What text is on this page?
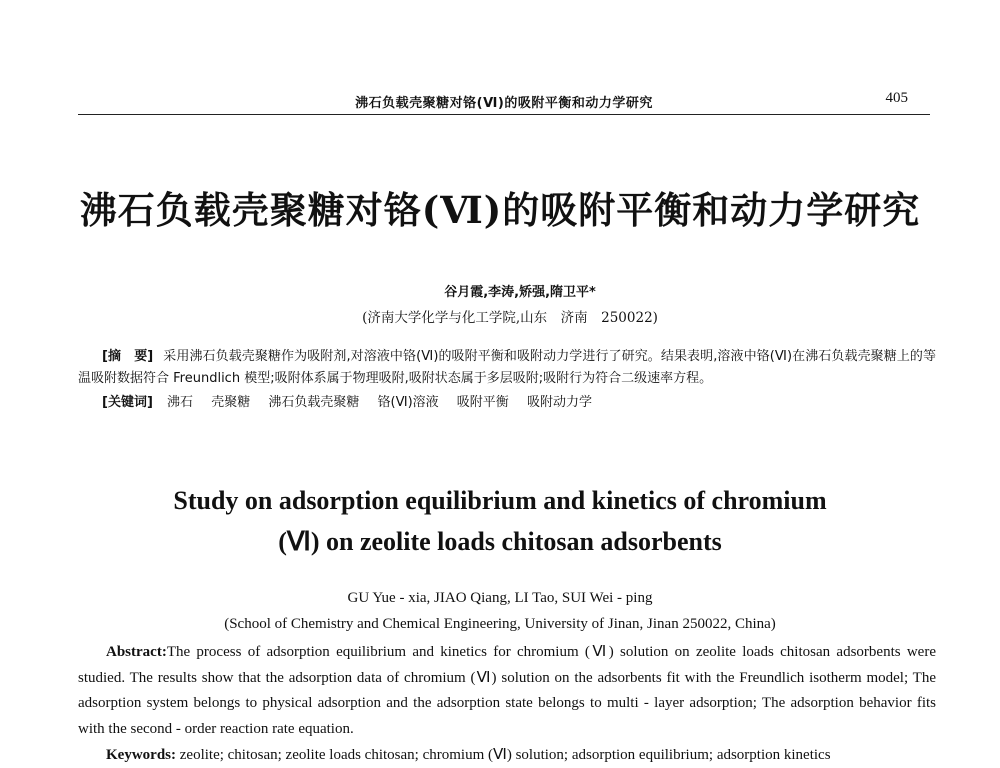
沸石负载壳聚糖对铬(Ⅵ)的吸附平衡和动力学研究	405
沸石负载壳聚糖对铬(Ⅵ)的吸附平衡和动力学研究
谷月霞,李涛,矫强,隋卫平*
(济南大学化学与化工学院,山东　济南　250022)
[摘　要] 采用沸石负载壳聚糖作为吸附剂,对溶液中铬(Ⅵ)的吸附平衡和吸附动力学进行了研究。结果表明,溶液中铬(Ⅵ)在沸石负载壳聚糖上的等温吸附数据符合 Freundlich 模型;吸附体系属于物理吸附,吸附状态属于多层吸附;吸附行为符合二级速率方程。
[关键词] 沸石 壳聚糖 沸石负载壳聚糖 铬(Ⅵ)溶液 吸附平衡 吸附动力学
Study on adsorption equilibrium and kinetics of chromium
(Ⅵ) on zeolite loads chitosan adsorbents
GU Yue - xia, JIAO Qiang, LI Tao, SUI Wei - ping
(School of Chemistry and Chemical Engineering, University of Jinan, Jinan 250022, China)
Abstract:The process of adsorption equilibrium and kinetics for chromium (Ⅵ) solution on zeolite loads chitosan adsorbents were studied. The results show that the adsorption data of chromium (Ⅵ) solution on the adsorbents fit with the Freundlich isotherm model; The adsorption system belongs to physical adsorption and the adsorption state belongs to multi - layer adsorption; The adsorption behavior fits with the second - order reaction rate equation.
Keywords: zeolite; chitosan; zeolite loads chitosan; chromium (Ⅵ) solution; adsorption equilibrium; adsorption kinetics
